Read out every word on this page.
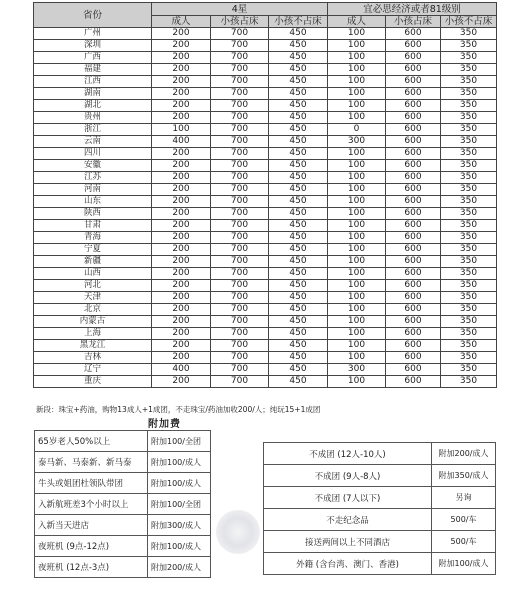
省份	4星			宜必思经济或者81级别		
	成人	小孩占床	小孩不占床	成人	小孩占床	小孩不占床
广州	200	700	450	100	600	350
深圳	200	700	450	100	600	350
广西	200	700	450	100	600	350
福建	200	700	450	100	600	350
江西	200	700	450	100	600	350
湖南	200	700	450	100	600	350
湖北	200	700	450	100	600	350
贵州	200	700	450	100	600	350
浙江	100	700	450	0	600	350
云南	400	700	450	300	600	350
四川	200	700	450	100	600	350
安徽	200	700	450	100	600	350
江苏	200	700	450	100	600	350
河南	200	700	450	100	600	350
山东	200	700	450	100	600	350
陕西	200	700	450	100	600	350
甘肃	200	700	450	100	600	350
青海	200	700	450	100	600	350
宁夏	200	700	450	100	600	350
新疆	200	700	450	100	600	350
山西	200	700	450	100	600	350
河北	200	700	450	100	600	350
天津	200	700	450	100	600	350
北京	200	700	450	100	600	350
内蒙古	200	700	450	100	600	350
上海	200	700	450	100	600	350
黑龙江	200	700	450	100	600	350
吉林	200	700	450	100	600	350
辽宁	400	700	450	300	600	350
重庆	200	700	450	100	600	350
新段：珠宝+药油，购物13成人+1成团，不走珠宝/药油加收200/人；纯玩15+1成团
附加费
65岁老人50%以上	附加100/全团
泰马新、马泰新、新马泰	附加100/成人
牛头或姐团杜领队带团	附加100/成人
入新航班差3个小时以上	附加100/全团
入新当天进店	附加300/成人
夜班机 (9点-12点)	附加100/成人
夜班机 (12点-3点)	附加200/成人
不成团 (12人-10人)	附加200/成人
不成团 (9人-8人)	附加350/成人
不成团 (7人以下)	另询
不走纪念品	500/车
接送两间以上不同酒店	500/车
外籍 (含台湾、澳门、香港)	附加100/成人
